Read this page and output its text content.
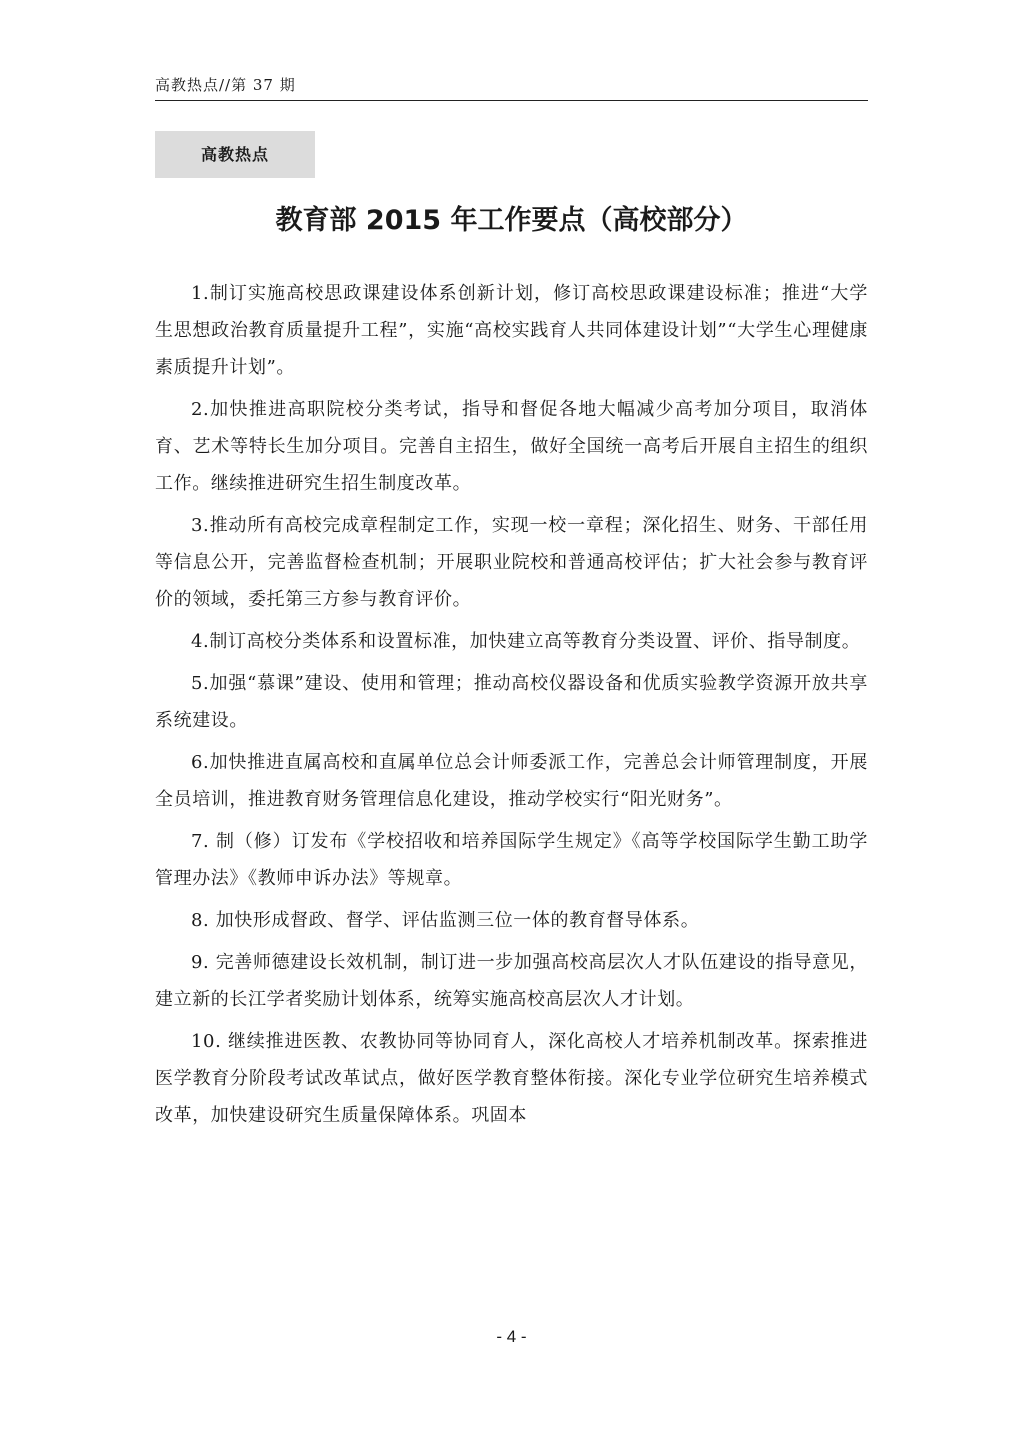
高教热点//第 37 期
高教热点
教育部 2015 年工作要点（高校部分）

1.制订实施高校思政课建设体系创新计划，修订高校思政课建设标准；推进“大学生思想政治教育质量提升工程”，实施“高校实践育人共同体建设计划”“大学生心理健康素质提升计划”。

2.加快推进高职院校分类考试，指导和督促各地大幅减少高考加分项目，取消体育、艺术等特长生加分项目。完善自主招生，做好全国统一高考后开展自主招生的组织工作。继续推进研究生招生制度改革。

3.推动所有高校完成章程制定工作，实现一校一章程；深化招生、财务、干部任用等信息公开，完善监督检查机制；开展职业院校和普通高校评估；扩大社会参与教育评价的领域，委托第三方参与教育评价。

4.制订高校分类体系和设置标准，加快建立高等教育分类设置、评价、指导制度。

5.加强“慕课”建设、使用和管理；推动高校仪器设备和优质实验教学资源开放共享系统建设。

6.加快推进直属高校和直属单位总会计师委派工作，完善总会计师管理制度，开展全员培训，推进教育财务管理信息化建设，推动学校实行“阳光财务”。

7. 制（修）订发布《学校招收和培养国际学生规定》《高等学校国际学生勤工助学管理办法》《教师申诉办法》等规章。

8. 加快形成督政、督学、评估监测三位一体的教育督导体系。

9. 完善师德建设长效机制，制订进一步加强高校高层次人才队伍建设的指导意见，建立新的长江学者奖励计划体系，统筹实施高校高层次人才计划。

10. 继续推进医教、农教协同等协同育人，深化高校人才培养机制改革。探索推进医学教育分阶段考试改革试点，做好医学教育整体衔接。深化专业学位研究生培养模式改革，加快建设研究生质量保障体系。巩固本

- 4 -
